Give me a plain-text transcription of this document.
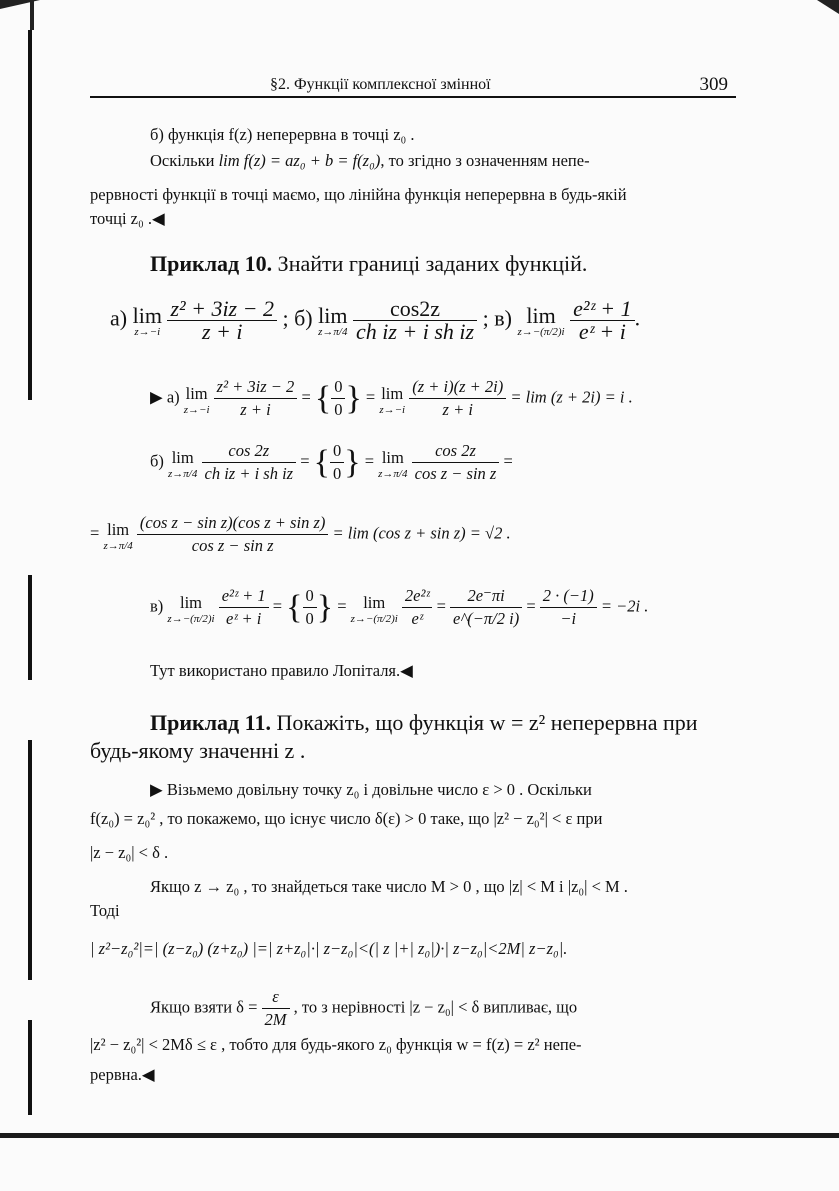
§2. Функції комплексної змінної	309
б) функція f(z) неперервна в точці z₀ .
Оскільки lim f(z) = az₀ + b = f(z₀), то згідно з означенням непе-
рервності функції в точці маємо, що лінійна функція неперервна в будь-якій
точці z₀ .◀
Приклад 10. Знайти границі заданих функцій.
а) lim
z→−i
$\frac{\text{z² + 3iz − 2}}{z + i}$ ; б) lim
z→π/4
$\frac{\cos 2z}{\text{ch iz + i sh iz}}$ ; в) lim
z→−(π/2)i
$\frac{\text{e²ᶻ + 1}}{\text{eᶻ + i}}$ .
▶ а) lim
z→−i
$\frac{\text{z² + 3iz − 2}}{z + i}$ = { $\frac{0}{0}$ } = lim
z→−i
$\frac{(z + i)(z + 2i)}{z + i} = \lim (z + 2i) = i$ .
б) lim
z→π/4
$\frac{\cos 2z}{\text{ch iz + i sh iz}}$ = { $\frac{0}{0}$ } = lim
z→π/4
$\frac{\cos 2z}{\text{cos z − sin z}}$ =
= lim
z→π/4
$\frac{\text{(cos z − sin z)(cos z + sin z)}}{\text{cos z − sin z}} = \lim (\cos$ z + sin z) = √2 .
в) lim
z→−(π/2)i
$\frac{\text{e²ᶻ + 1}}{\text{eᶻ + i}}$ = { $\frac{0}{0}$ } = lim
z→−(π/2)i
$\frac{\text{2e²ᶻ}}{\text{eᶻ}} = \frac{2e^-\pi i}{e\^{}(-\pi/2 i)} = \frac{2 \cdot (-1)}{-i} = -2i$ .
Тут використано правило Лопіталя.◀
Приклад 11. Покажіть, що функція w = z² неперервна при
будь-якому значенні z .
▶ Візьмемо довільну точку z₀ і довільне число ε > 0 . Оскільки
f(z₀) = z₀² , то покажемо, що існує число δ(ε) > 0 таке, що |z² − z₀²| < ε при
|z − z₀| < δ .
Якщо z → z₀ , то знайдеться таке число M > 0 , що |z| < M і |z₀| < M .
Тоді
| z²−z₀²|=| (z−z₀) (z+z₀) |=| z+z₀|·| z−z₀|<(| z |+| z₀|)·| z−z₀|<2M| z−z₀|.
Якщо взяти $\delta = \frac{\varepsilon}{2M}$ , то з нерівності |z − z₀| < δ випливає, що
|z² − z₀²| < 2Mδ ≤ ε , тобто для будь-якого z₀ функція w = f(z) = z² непе-
рервна.◀
